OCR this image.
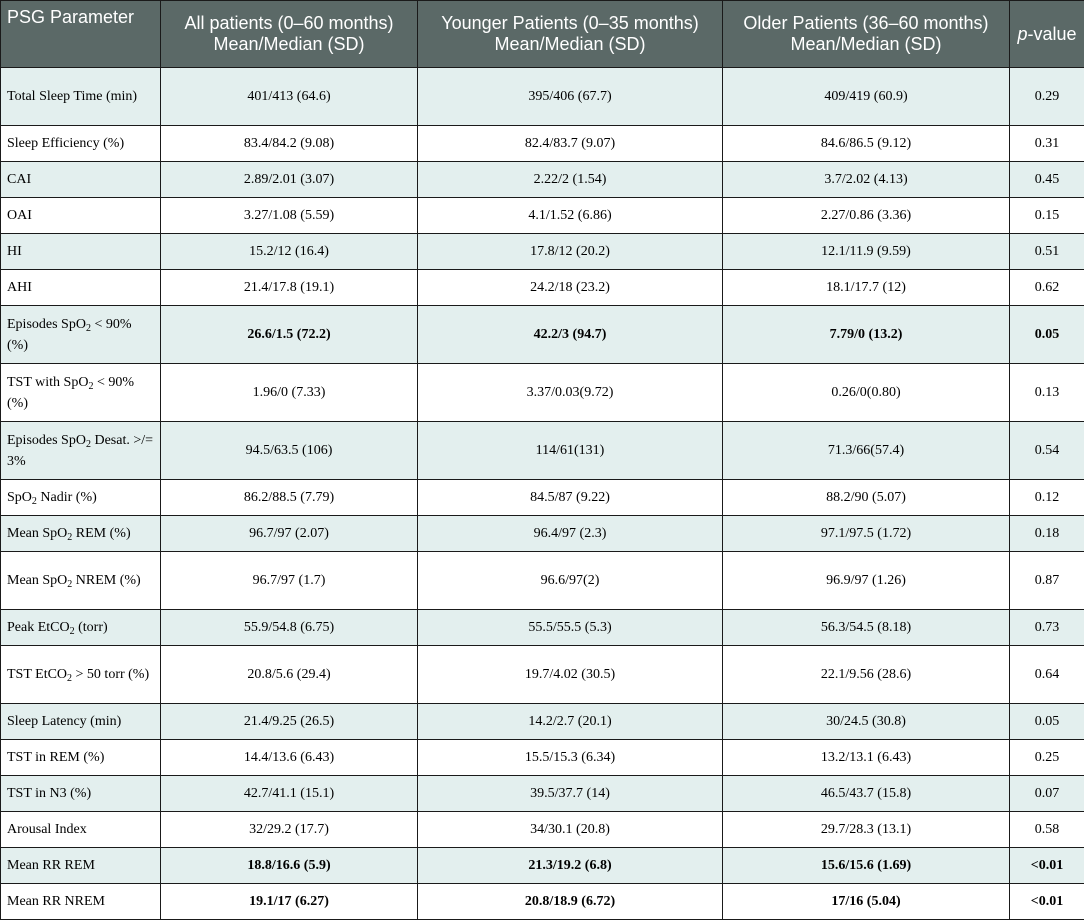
PSG Parameter	All patients (0–60 months) Mean/Median (SD)	Younger Patients (0–35 months) Mean/Median (SD)	Older Patients (36–60 months) Mean/Median (SD)	p-value
Total Sleep Time (min)	401/413 (64.6)	395/406 (67.7)	409/419 (60.9)	0.29
Sleep Efficiency (%)	83.4/84.2 (9.08)	82.4/83.7 (9.07)	84.6/86.5 (9.12)	0.31
CAI	2.89/2.01 (3.07)	2.22/2 (1.54)	3.7/2.02 (4.13)	0.45
OAI	3.27/1.08 (5.59)	4.1/1.52 (6.86)	2.27/0.86 (3.36)	0.15
HI	15.2/12 (16.4)	17.8/12 (20.2)	12.1/11.9 (9.59)	0.51
AHI	21.4/17.8 (19.1)	24.2/18 (23.2)	18.1/17.7 (12)	0.62
Episodes SpO$_2$ < 90% (%)	26.6/1.5 (72.2)	42.2/3 (94.7)	7.79/0 (13.2)	0.05
TST with SpO$_2$ < 90% (%)	1.96/0 (7.33)	3.37/0.03(9.72)	0.26/0(0.80)	0.13
Episodes SpO$_2$ Desat. >/= 3%	94.5/63.5 (106)	114/61(131)	71.3/66(57.4)	0.54
SpO$_2$ Nadir (%)	86.2/88.5 (7.79)	84.5/87 (9.22)	88.2/90 (5.07)	0.12
Mean SpO$_2$ REM (%)	96.7/97 (2.07)	96.4/97 (2.3)	97.1/97.5 (1.72)	0.18
Mean SpO$_2$ NREM (%)	96.7/97 (1.7)	96.6/97(2)	96.9/97 (1.26)	0.87
Peak EtCO$_2$ (torr)	55.9/54.8 (6.75)	55.5/55.5 (5.3)	56.3/54.5 (8.18)	0.73
TST EtCO$_2$ > 50 torr (%)	20.8/5.6 (29.4)	19.7/4.02 (30.5)	22.1/9.56 (28.6)	0.64
Sleep Latency (min)	21.4/9.25 (26.5)	14.2/2.7 (20.1)	30/24.5 (30.8)	0.05
TST in REM (%)	14.4/13.6 (6.43)	15.5/15.3 (6.34)	13.2/13.1 (6.43)	0.25
TST in N3 (%)	42.7/41.1 (15.1)	39.5/37.7 (14)	46.5/43.7 (15.8)	0.07
Arousal Index	32/29.2 (17.7)	34/30.1 (20.8)	29.7/28.3 (13.1)	0.58
Mean RR REM	18.8/16.6 (5.9)	21.3/19.2 (6.8)	15.6/15.6 (1.69)	<0.01
Mean RR NREM	19.1/17 (6.27)	20.8/18.9 (6.72)	17/16 (5.04)	<0.01
